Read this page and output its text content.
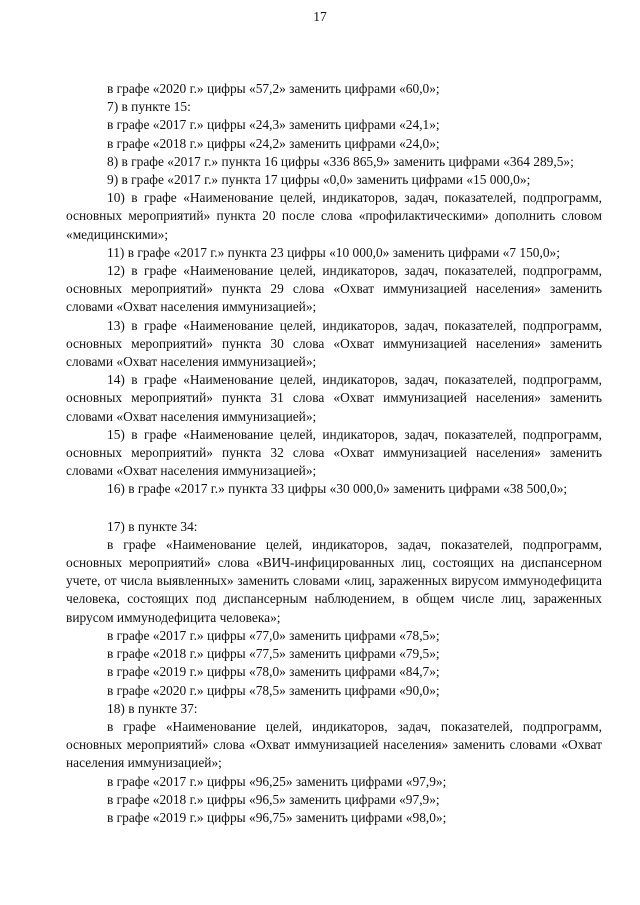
17

в графе «2020 г.» цифры «57,2» заменить цифрами «60,0»;

7) в пункте 15:

в графе «2017 г.» цифры «24,3» заменить цифрами «24,1»;

в графе «2018 г.» цифры «24,2» заменить цифрами «24,0»;

8) в графе «2017 г.» пункта 16 цифры «336 865,9» заменить цифрами «364 289,5»;

9) в графе «2017 г.» пункта 17 цифры «0,0» заменить цифрами «15 000,0»;

10) в графе «Наименование целей, индикаторов, задач, показателей, подпрограмм, основных мероприятий» пункта 20 после слова «профилактическими» дополнить словом «медицинскими»;

11) в графе «2017 г.» пункта 23 цифры «10 000,0» заменить цифрами «7 150,0»;

12) в графе «Наименование целей, индикаторов, задач, показателей, подпрограмм, основных мероприятий» пункта 29 слова «Охват иммунизацией населения» заменить словами «Охват населения иммунизацией»;

13) в графе «Наименование целей, индикаторов, задач, показателей, подпрограмм, основных мероприятий» пункта 30 слова «Охват иммунизацией населения» заменить словами «Охват населения иммунизацией»;

14) в графе «Наименование целей, индикаторов, задач, показателей, подпрограмм, основных мероприятий» пункта 31 слова «Охват иммунизацией населения» заменить словами «Охват населения иммунизацией»;

15) в графе «Наименование целей, индикаторов, задач, показателей, подпрограмм, основных мероприятий» пункта 32 слова «Охват иммунизацией населения» заменить словами «Охват населения иммунизацией»;

16) в графе «2017 г.» пункта 33 цифры «30 000,0» заменить цифрами «38 500,0»;

17) в пункте 34:

в графе «Наименование целей, индикаторов, задач, показателей, подпрограмм, основных мероприятий» слова «ВИЧ-инфицированных лиц, состоящих на диспансерном учете, от числа выявленных» заменить словами «лиц, зараженных вирусом иммунодефицита человека, состоящих под диспансерным наблюдением, в общем числе лиц, зараженных вирусом иммунодефицита человека»;

в графе «2017 г.» цифры «77,0» заменить цифрами «78,5»;

в графе «2018 г.» цифры «77,5» заменить цифрами «79,5»;

в графе «2019 г.» цифры «78,0» заменить цифрами «84,7»;

в графе «2020 г.» цифры «78,5» заменить цифрами «90,0»;

18) в пункте 37:

в графе «Наименование целей, индикаторов, задач, показателей, подпрограмм, основных мероприятий» слова «Охват иммунизацией населения» заменить словами «Охват населения иммунизацией»;

в графе «2017 г.» цифры «96,25» заменить цифрами «97,9»;

в графе «2018 г.» цифры «96,5» заменить цифрами «97,9»;

в графе «2019 г.» цифры «96,75» заменить цифрами «98,0»;
